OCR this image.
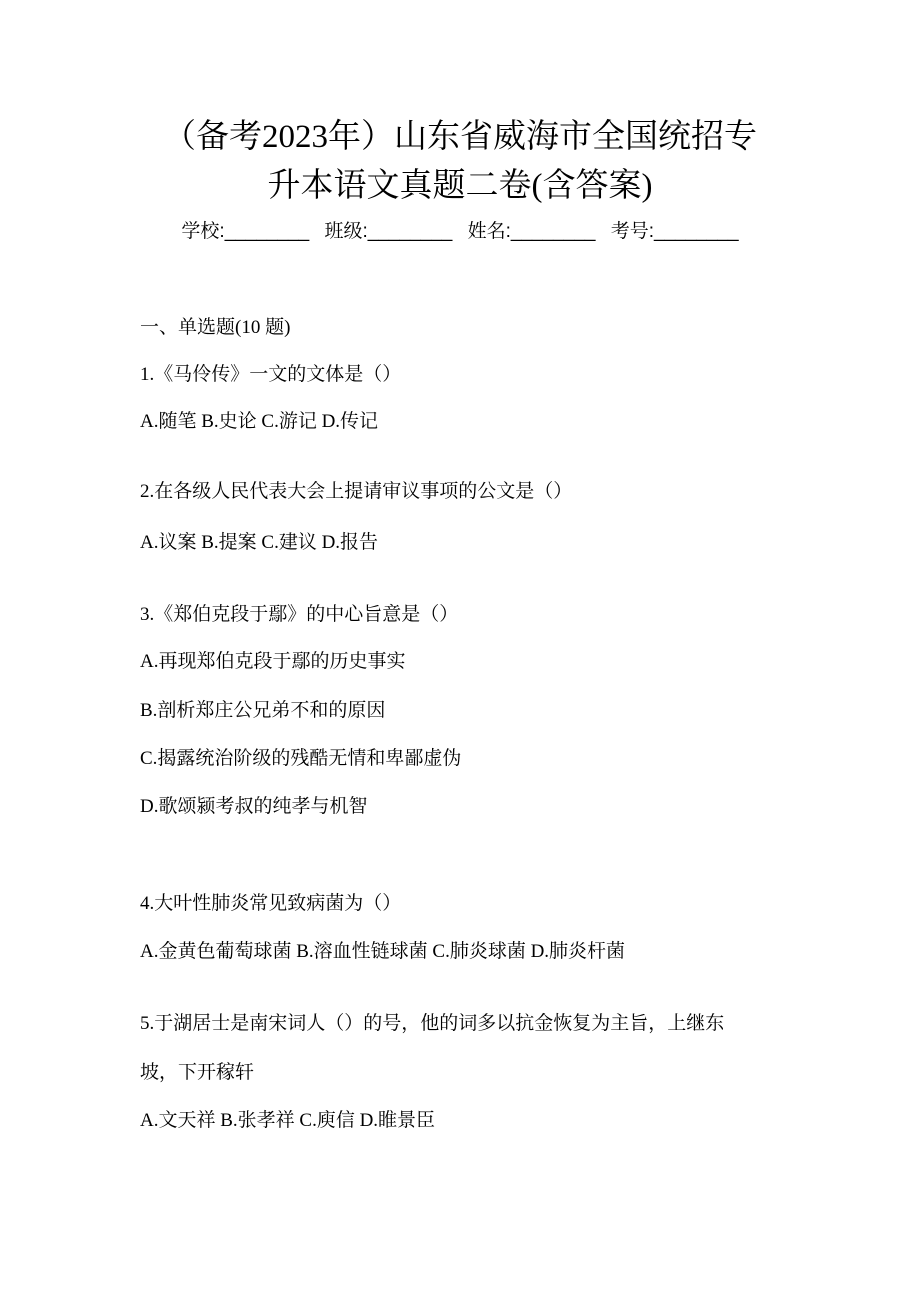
（备考2023年）山东省威海市全国统招专
升本语文真题二卷(含答案)
学校:________ 班级:________ 姓名:________ 考号:________
一、单选题(10 题)
1.《马伶传》一文的文体是（）
A.随笔 B.史论 C.游记 D.传记
2.在各级人民代表大会上提请审议事项的公文是（）
A.议案 B.提案 C.建议 D.报告
3.《郑伯克段于鄢》的中心旨意是（）
A.再现郑伯克段于鄢的历史事实
B.剖析郑庄公兄弟不和的原因
C.揭露统治阶级的残酷无情和卑鄙虚伪
D.歌颂颍考叔的纯孝与机智
4.大叶性肺炎常见致病菌为（）
A.金黄色葡萄球菌 B.溶血性链球菌 C.肺炎球菌 D.肺炎杆菌
5.于湖居士是南宋词人（）的号，他的词多以抗金恢复为主旨，上继东
坡，下开稼轩
A.文天祥 B.张孝祥 C.庾信 D.睢景臣
